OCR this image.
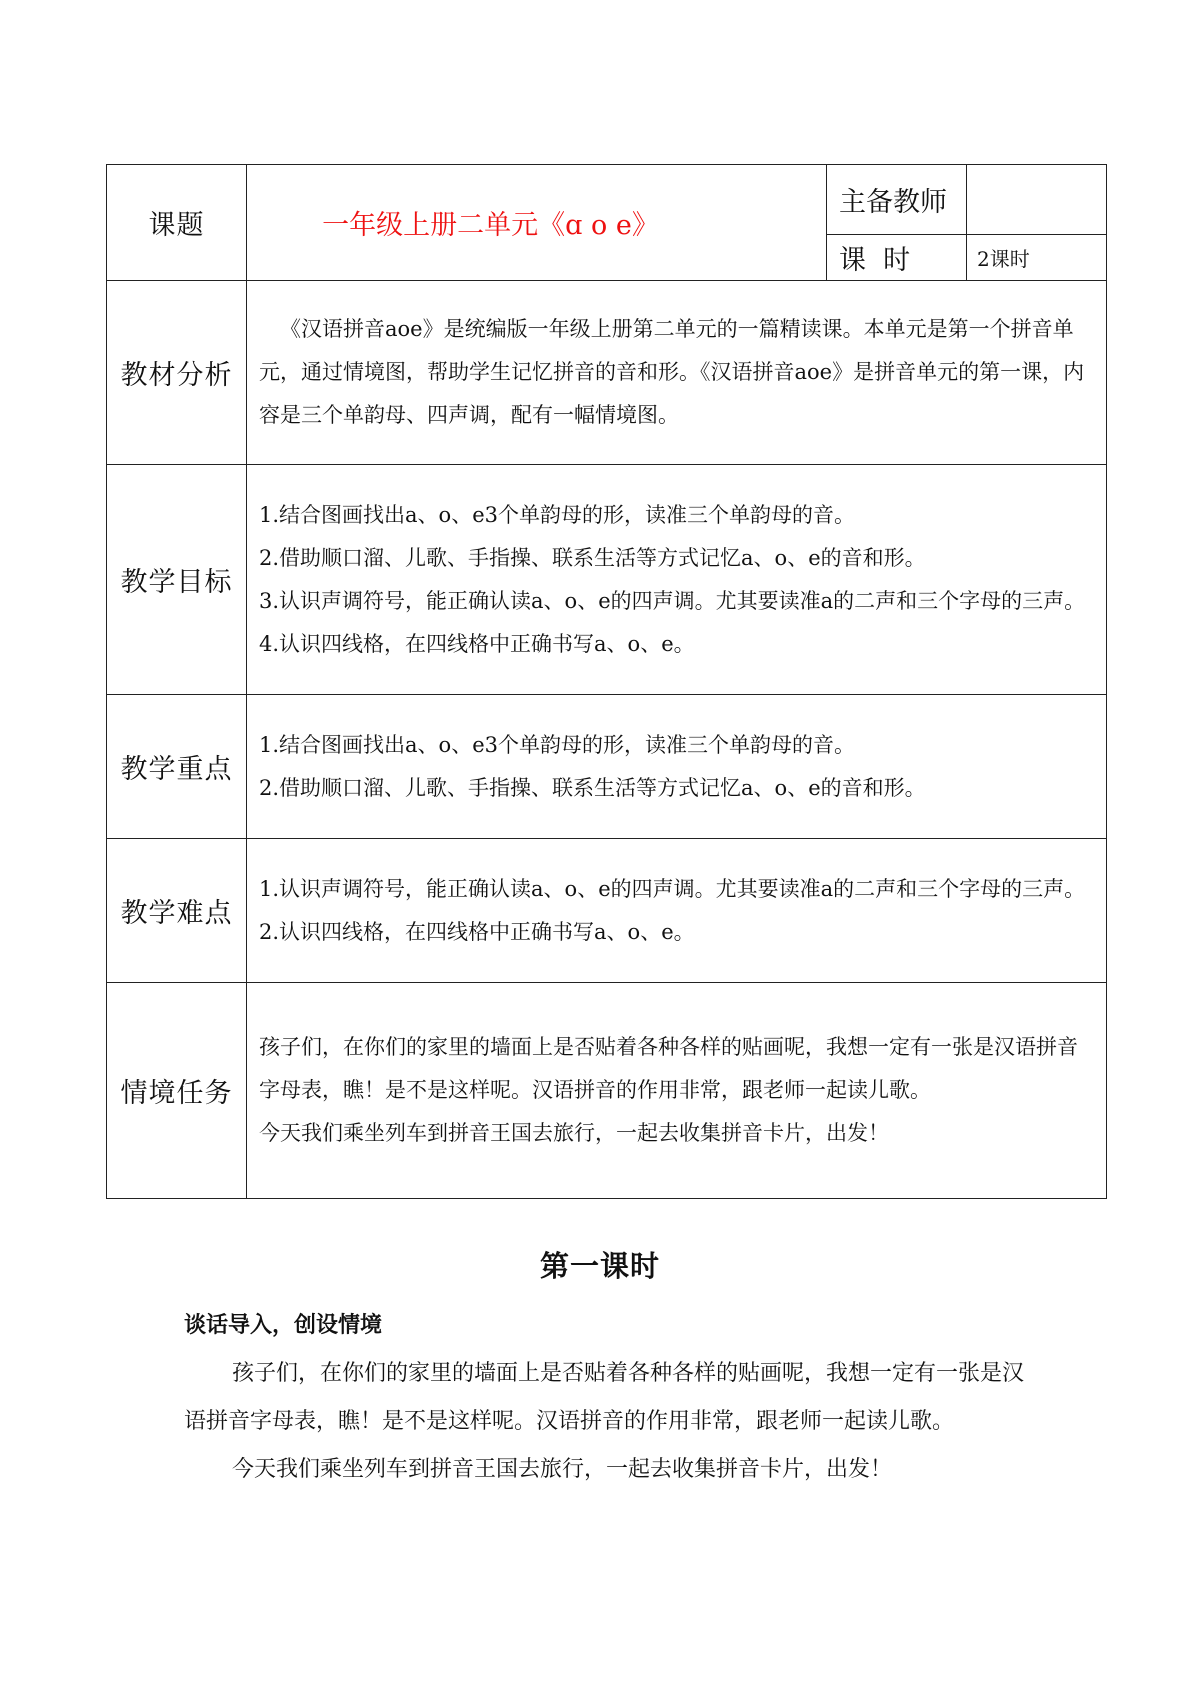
课题	一年级上册二单元《ɑ o e》	主备教师	
		课  时	2课时
教材分析	《汉语拼音aoe》是统编版一年级上册第二单元的一篇精读课。本单元是第一个拼音单元，通过情境图，帮助学生记忆拼音的音和形。《汉语拼音aoe》是拼音单元的第一课，内容是三个单韵母、四声调，配有一幅情境图。		

教学目标	1.结合图画找出a、o、e3个单韵母的形，读准三个单韵母的音。

2.借助顺口溜、儿歌、手指操、联系生活等方式记忆a、o、e的音和形。

3.认识声调符号，能正确认读a、o、e的四声调。尤其要读准a的二声和三个字母的三声。

4.认识四线格，在四线格中正确书写a、o、e。		

教学重点	1.结合图画找出a、o、e3个单韵母的形，读准三个单韵母的音。

2.借助顺口溜、儿歌、手指操、联系生活等方式记忆a、o、e的音和形。		

教学难点	1.认识声调符号，能正确认读a、o、e的四声调。尤其要读准a的二声和三个字母的三声。

2.认识四线格，在四线格中正确书写a、o、e。		

情境任务	孩子们，在你们的家里的墙面上是否贴着各种各样的贴画呢，我想一定有一张是汉语拼音字母表，瞧！是不是这样呢。汉语拼音的作用非常，跟老师一起读儿歌。

今天我们乘坐列车到拼音王国去旅行，一起去收集拼音卡片，出发！		

第一课时
谈话导入，创设情境

孩子们，在你们的家里的墙面上是否贴着各种各样的贴画呢，我想一定有一张是汉语拼音字母表，瞧！是不是这样呢。汉语拼音的作用非常，跟老师一起读儿歌。

今天我们乘坐列车到拼音王国去旅行，一起去收集拼音卡片，出发！
